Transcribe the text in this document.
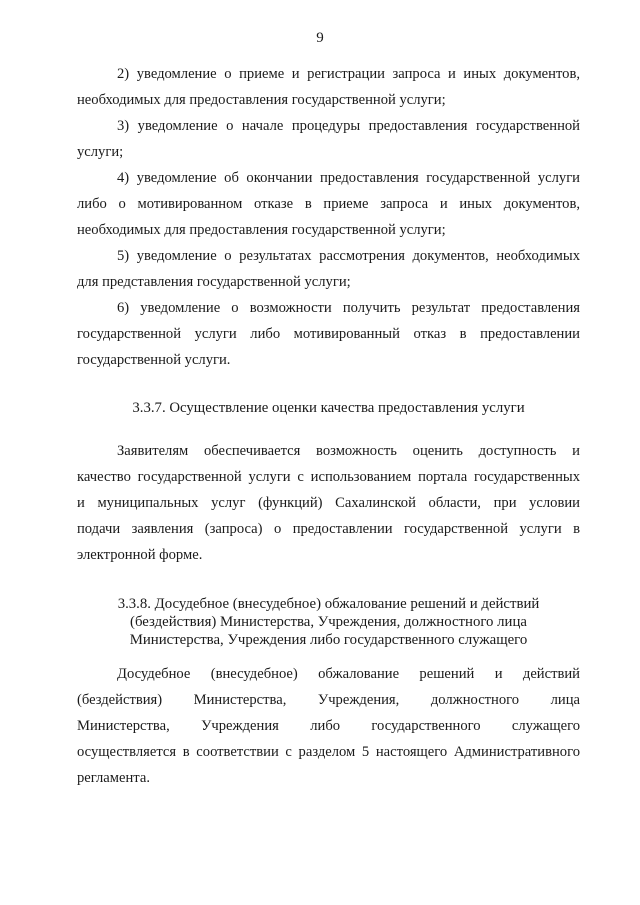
9
2) уведомление о приеме и регистрации запроса и иных документов,
необходимых для предоставления государственной услуги;
3) уведомление о начале процедуры предоставления государственной
услуги;
4) уведомление об окончании предоставления государственной услуги
либо о мотивированном отказе в приеме запроса и иных документов,
необходимых для предоставления государственной услуги;
5) уведомление о результатах рассмотрения документов, необходимых
для представления государственной услуги;
6) уведомление о возможности получить результат предоставления
государственной услуги либо мотивированный отказ в предоставлении
государственной услуги.
3.3.7. Осуществление оценки качества предоставления услуги
Заявителям обеспечивается возможность оценить доступность и
качество государственной услуги с использованием портала государственных
и муниципальных услуг (функций) Сахалинской области, при условии
подачи заявления (запроса) о предоставлении государственной услуги в
электронной форме.
3.3.8. Досудебное (внесудебное) обжалование решений и действий
(бездействия) Министерства, Учреждения, должностного лица
Министерства, Учреждения либо государственного служащего
Досудебное (внесудебное) обжалование решений и действий
(бездействия) Министерства, Учреждения, должностного лица
Министерства, Учреждения либо государственного служащего
осуществляется в соответствии с разделом 5 настоящего Административного
регламента.
